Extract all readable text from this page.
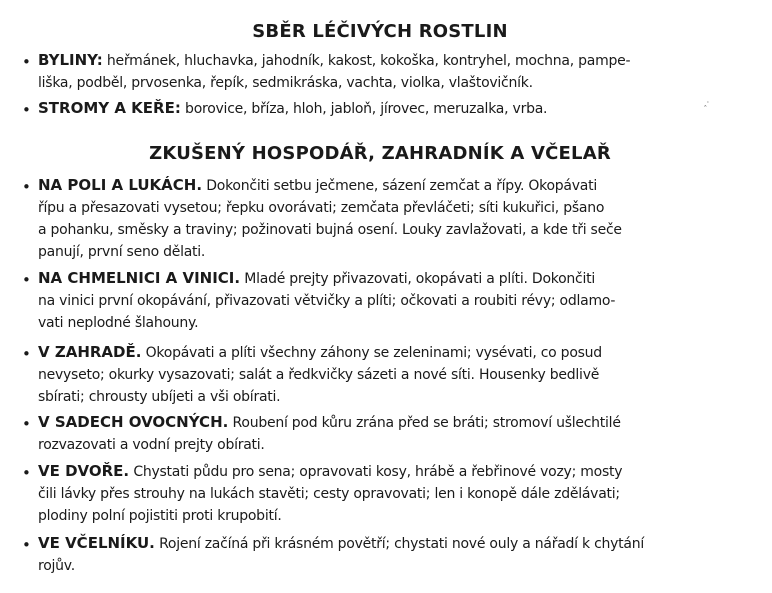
SBĚR LÉČIVÝCH ROSTLIN
• BYLINY: heřmánek, hluchavka, jahodník, kakost, kokoška, kontryhel, mochna, pampe-
liška, podběl, prvosenka, řepík, sedmikráska, vachta, violka, vlaštovičník.
• STROMY A KEŘE: borovice, bříza, hloh, jabloň, jírovec, meruzalka, vrba.	ꞈ·
ZKUŠENÝ HOSPODÁŘ, ZAHRADNÍK A VČELAŘ
• NA POLI A LUKÁCH. Dokončiti setbu ječmene, sázení zemčat a řípy. Okopávati
řípu a přesazovati vysetou; řepku ovorávati; zemčata převláčeti; síti kukuřici, pšano
a pohanku, směsky a traviny; požinovati bujná osení. Louky zavlažovati, a kde tři seče
panují, první seno dělati.
• NA CHMELNICI A VINICI. Mladé prejty přivazovati, okopávati a plíti. Dokončiti
na vinici první okopávání, přivazovati větvičky a plíti; očkovati a roubiti révy; odlamo-
vati neplodné šlahouny.
• V ZAHRADĚ. Okopávati a plíti všechny záhony se zeleninami; vysévati, co posud
nevyseto; okurky vysazovati; salát a ředkvičky sázeti a nové síti. Housenky bedlivě
sbírati; chrousty ubíjeti a vši obírati.
• V SADECH OVOCNÝCH. Roubení pod kůru zrána před se bráti; stromoví ušlechtilé
rozvazovati a vodní prejty obírati.
• VE DVOŘE. Chystati půdu pro sena; opravovati kosy, hrábě a řebřinové vozy; mosty
čili lávky přes strouhy na lukách stavěti; cesty opravovati; len i konopě dále zdělávati;
plodiny polní pojistiti proti krupobití.
• VE VČELNÍKU. Rojení začíná při krásném povětří; chystati nové ouly a nářadí k chytání
rojův.
